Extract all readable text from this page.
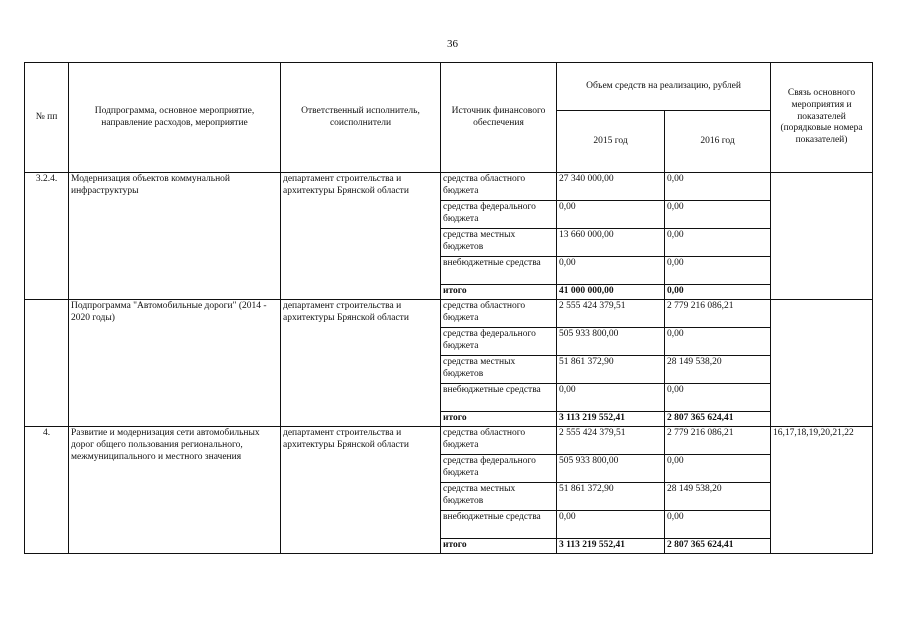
36
№ пп	Подпрограмма, основное мероприятие, направление расходов, мероприятие	Ответственный исполнитель, соисполнители	Источник финансового обеспечения	Объем средств на реализацию, рублей		Связь основного мероприятия и показателей (порядковые номера показателей)
				2015 год	2016 год	
3.2.4.	Модернизация объектов коммунальной инфраструктуры	департамент строительства и архитектуры Брянской области	средства областного бюджета	27 340 000,00	0,00	
			средства федерального бюджета	0,00	0,00	
			средства местных бюджетов	13 660 000,00	0,00	
			внебюджетные средства	0,00	0,00	
			итого	41 000 000,00	0,00	
	Подпрограмма "Автомобильные дороги" (2014 - 2020 годы)	департамент строительства и архитектуры Брянской области	средства областного бюджета	2 555 424 379,51	2 779 216 086,21	
			средства федерального бюджета	505 933 800,00	0,00	
			средства местных бюджетов	51 861 372,90	28 149 538,20	
			внебюджетные средства	0,00	0,00	
			итого	3 113 219 552,41	2 807 365 624,41	
4.	Развитие и модернизация сети автомобильных дорог общего пользования регионального, межмуниципального и местного значения	департамент строительства и архитектуры Брянской области	средства областного бюджета	2 555 424 379,51	2 779 216 086,21	16,17,18,19,20,21,22
			средства федерального бюджета	505 933 800,00	0,00	
			средства местных бюджетов	51 861 372,90	28 149 538,20	
			внебюджетные средства	0,00	0,00	
			итого	3 113 219 552,41	2 807 365 624,41	
